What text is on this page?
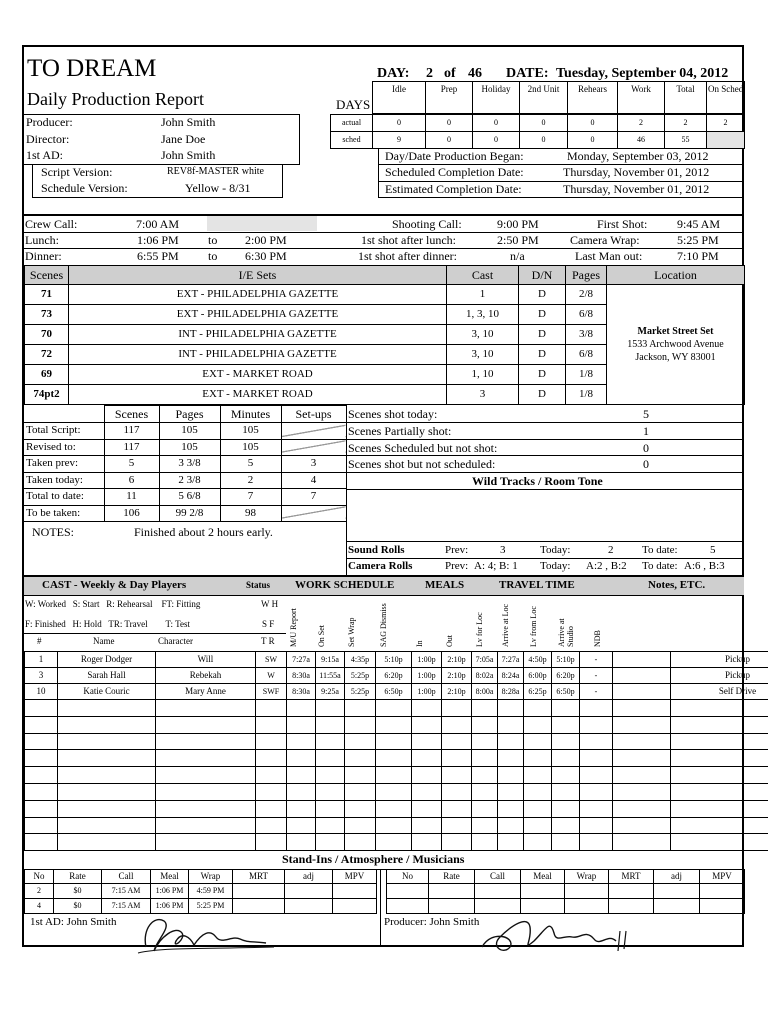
TO DREAM
Daily Production Report
DAY: 2 of 46 DATE: Tuesday, September 04, 2012
DAYS
Idle	Prep	Holiday	2nd Unit	Rehears	Work	Total	On Sched
actual	0	0	0	0	0	2	2	2
sched	9	0	0	0	0	46	55	
Producer:	John Smith
Director:	Jane Doe
1st AD:	John Smith
Script Version:	REV8f-MASTER white
Schedule Version:	Yellow - 8/31
Day/Date Production Began:	Monday, September 03, 2012
Scheduled Completion Date:	Thursday, November 01, 2012
Estimated Completion Date:	Thursday, November 01, 2012
Crew Call:	7:00 AM
Lunch:	1:06 PM to 2:00 PM
Dinner:	6:55 PM to 6:30 PM
Shooting Call:	9:00 PM
1st shot after lunch:	2:50 PM
1st shot after dinner:	n/a
First Shot: 9:45 AM
Camera Wrap:	5:25 PM
Last Man out:	7:10 PM
Scenes	I/E Sets	Cast	D/N	Pages	Location
71	EXT - PHILADELPHIA GAZETTE	1	D	2/8	Market Street Set
1533 Archwood Avenue
Jackson, WY 83001

73	EXT - PHILADELPHIA GAZETTE	1, 3, 10	D	6/8	
70	INT - PHILADELPHIA GAZETTE	3, 10	D	3/8	
72	INT - PHILADELPHIA GAZETTE	3, 10	D	6/8	
69	EXT - MARKET ROAD	1, 10	D	1/8	
74pt2	EXT - MARKET ROAD	3	D	1/8	
	Scenes	Pages	Minutes	Set-ups
Total Script:	117	105	105	
Revised to:	117	105	105	
Taken prev:	5	3 3/8	5	3
Taken today:	6	2 3/8	2	4
Total to date:	11	5 6/8	7	7
To be taken:	106	99 2/8	98	
NOTES:	Finished about 2 hours early.
Scenes shot today:	5
Scenes Partially shot:	1
Scenes Scheduled but not shot:	0
Scenes shot but not scheduled:	0
Wild Tracks / Room Tone
Sound Rolls	Prev:	3	Today:	2	To date:	5
Camera Rolls	Prev: A: 4; B: 1 Today: A:2 , B:2 To date: A:6 , B:3
CAST - Weekly & Day Players	Status WORK SCHEDULE	MEALS	TRAVEL TIME	Notes, ETC.
W: Worked   S: Start   R: Rehearsal    FT: Fitting
F: Finished   H: Hold   TR: Travel        T: Test
W H
S F
T R
#	Name	Character	M/U Report	On Set	Set Wrap	SAG Dismiss	In	Out	Lv for Loc	Arrive at Loc	Lv from Loc	Arrive at Studio	NDB
1	Roger Dodger	Will	SW	7:27a	9:15a	4:35p	5:10p	1:00p	2:10p	7:05a	7:27a	4:50p	5:10p	-		Pickup
3	Sarah Hall	Rebekah	W	8:30a	11:55a	5:25p	6:20p	1:00p	2:10p	8:02a	8:24a	6:00p	6:20p	-		Pickup
10	Katie Couric	Mary Anne	SWF	8:30a	9:25a	5:25p	6:50p	1:00p	2:10p	8:00a	8:28a	6:25p	6:50p	-		Self Drive

Stand-Ins / Atmosphere / Musicians
No	Rate	Call	Meal	Wrap	MRT	adj	MPV
2	$0	7:15 AM	1:06 PM	4:59 PM			
4	$0	7:15 AM	1:06 PM	5:25 PM			
No	Rate	Call	Meal	Wrap	MRT	adj	MPV

1st AD: John Smith	Producer: John Smith
